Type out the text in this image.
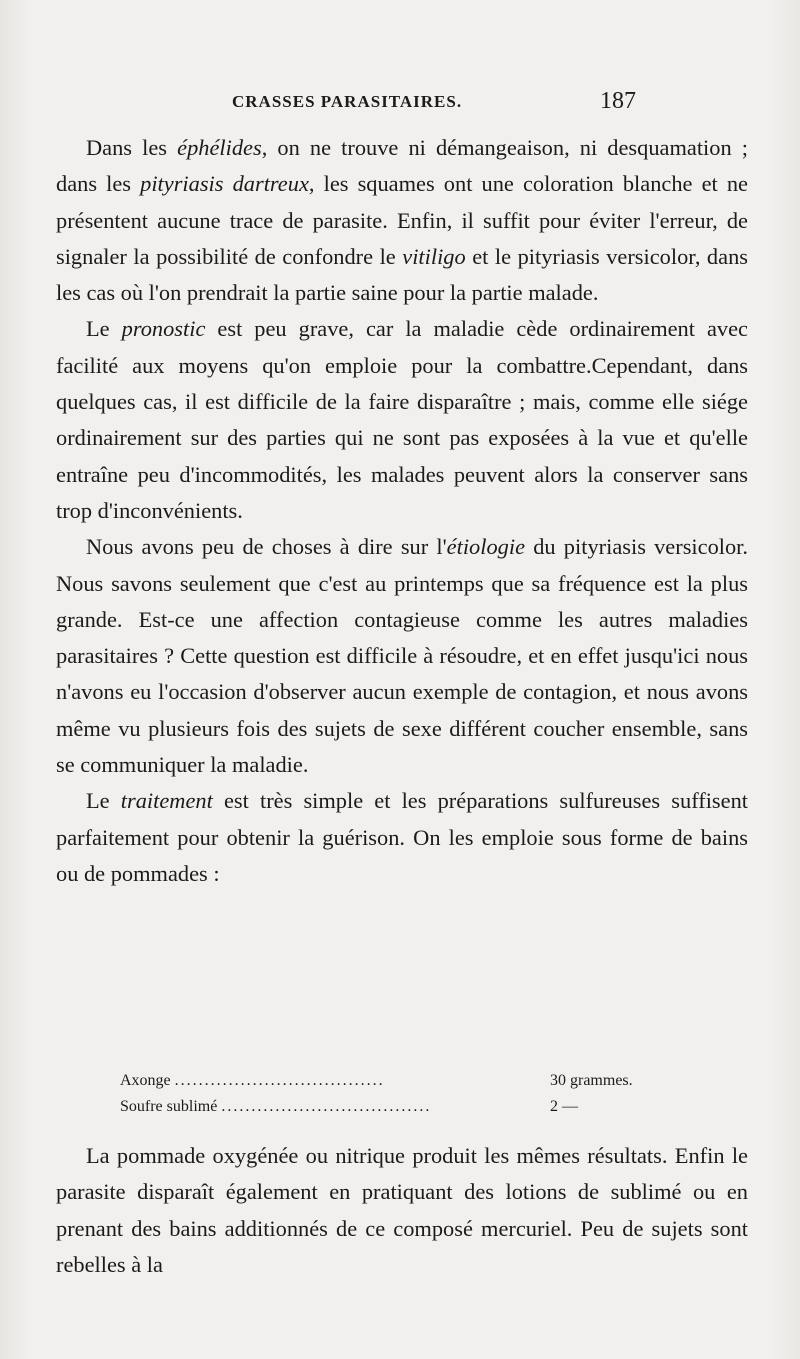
CRASSES PARASITAIRES.	187

Dans les éphélides, on ne trouve ni démangeaison, ni desquamation ; dans les pityriasis dartreux, les squames ont une coloration blanche et ne présentent aucune trace de parasite. Enfin, il suffit pour éviter l'erreur, de signaler la possibilité de confondre le vitiligo et le pityriasis versicolor, dans les cas où l'on prendrait la partie saine pour la partie malade.

Le pronostic est peu grave, car la maladie cède ordinairement avec facilité aux moyens qu'on emploie pour la combattre.Cependant, dans quelques cas, il est difficile de la faire disparaître ; mais, comme elle siége ordinairement sur des parties qui ne sont pas exposées à la vue et qu'elle entraîne peu d'incommodités, les malades peuvent alors la conserver sans trop d'inconvénients.

Nous avons peu de choses à dire sur l'étiologie du pityriasis versicolor. Nous savons seulement que c'est au printemps que sa fréquence est la plus grande. Est-ce une affection contagieuse comme les autres maladies parasitaires ? Cette question est difficile à résoudre, et en effet jusqu'ici nous n'avons eu l'occasion d'observer aucun exemple de contagion, et nous avons même vu plusieurs fois des sujets de sexe différent coucher ensemble, sans se communiquer la maladie.

Le traitement est très simple et les préparations sulfureuses suffisent parfaitement pour obtenir la guérison. On les emploie sous forme de bains ou de pommades :

Axonge ...................................	30 grammes.
Soufre sublimé ...................................	2 —

La pommade oxygénée ou nitrique produit les mêmes résultats. Enfin le parasite disparaît également en pratiquant des lotions de sublimé ou en prenant des bains additionnés de ce composé mercuriel. Peu de sujets sont rebelles à la
